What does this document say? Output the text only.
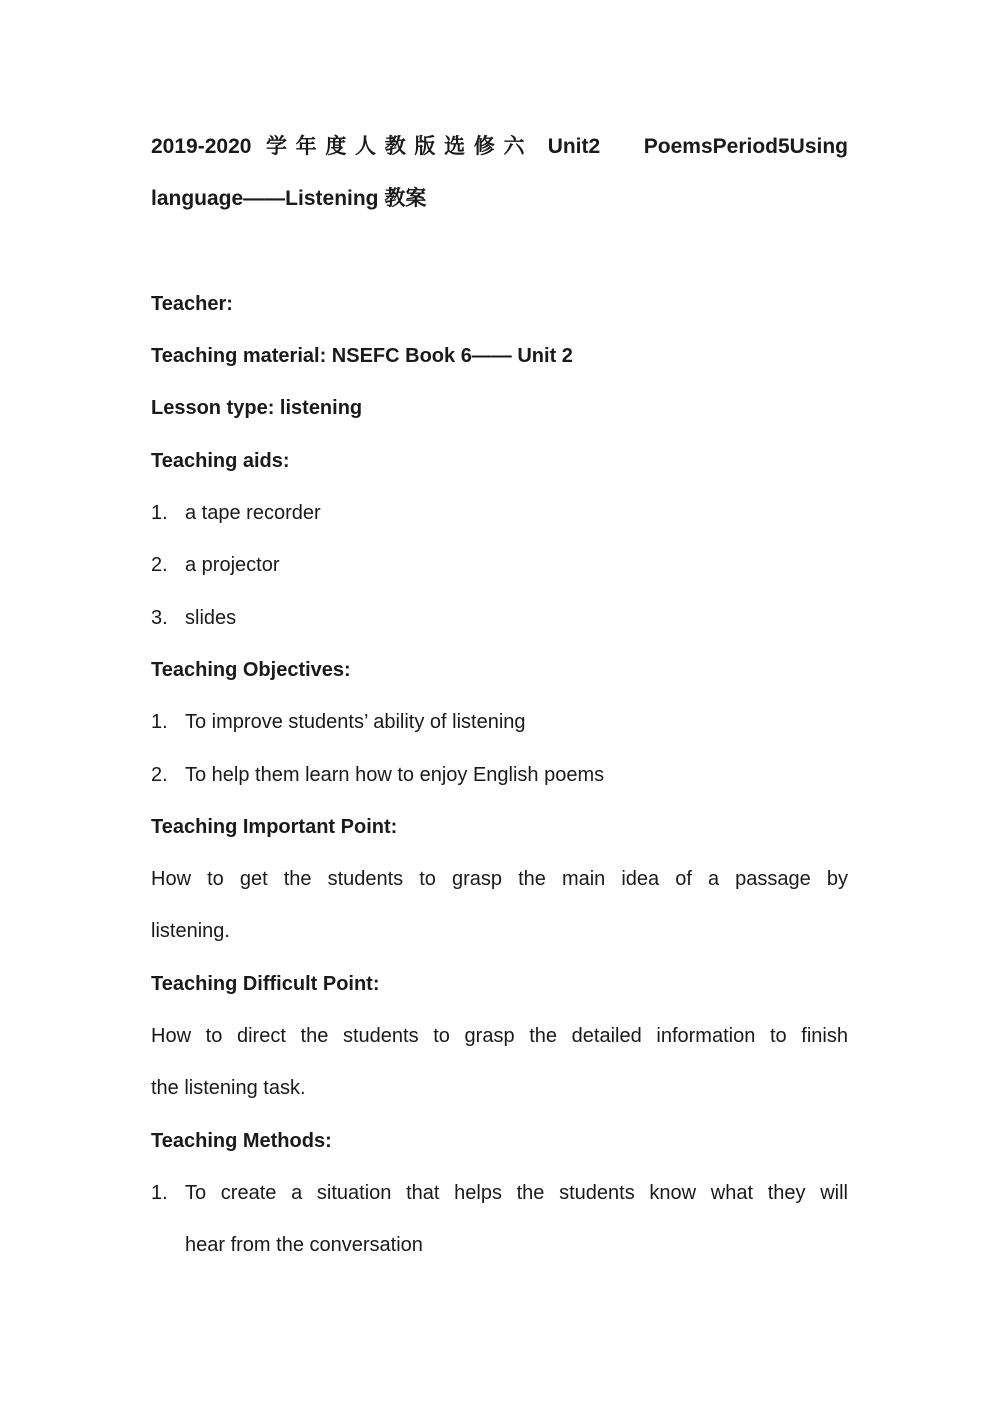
2019-2020 学年度人教版选修六 Unit2   PoemsPeriod5Using
language——Listening 教案
Teacher:
Teaching material: NSEFC Book 6—— Unit 2
Lesson type: listening
Teaching aids:
1. a tape recorder
2. a projector
3. slides
Teaching Objectives:
1. To improve students’ ability of listening
2. To help them learn how to enjoy English poems
Teaching Important Point:
How to get the students to grasp the main idea of a passage by
listening.
Teaching Difficult Point:
How to direct the students to grasp the detailed information to finish
the listening task.
Teaching Methods:
1. To create a situation that helps the students know what they will
hear from the conversation
